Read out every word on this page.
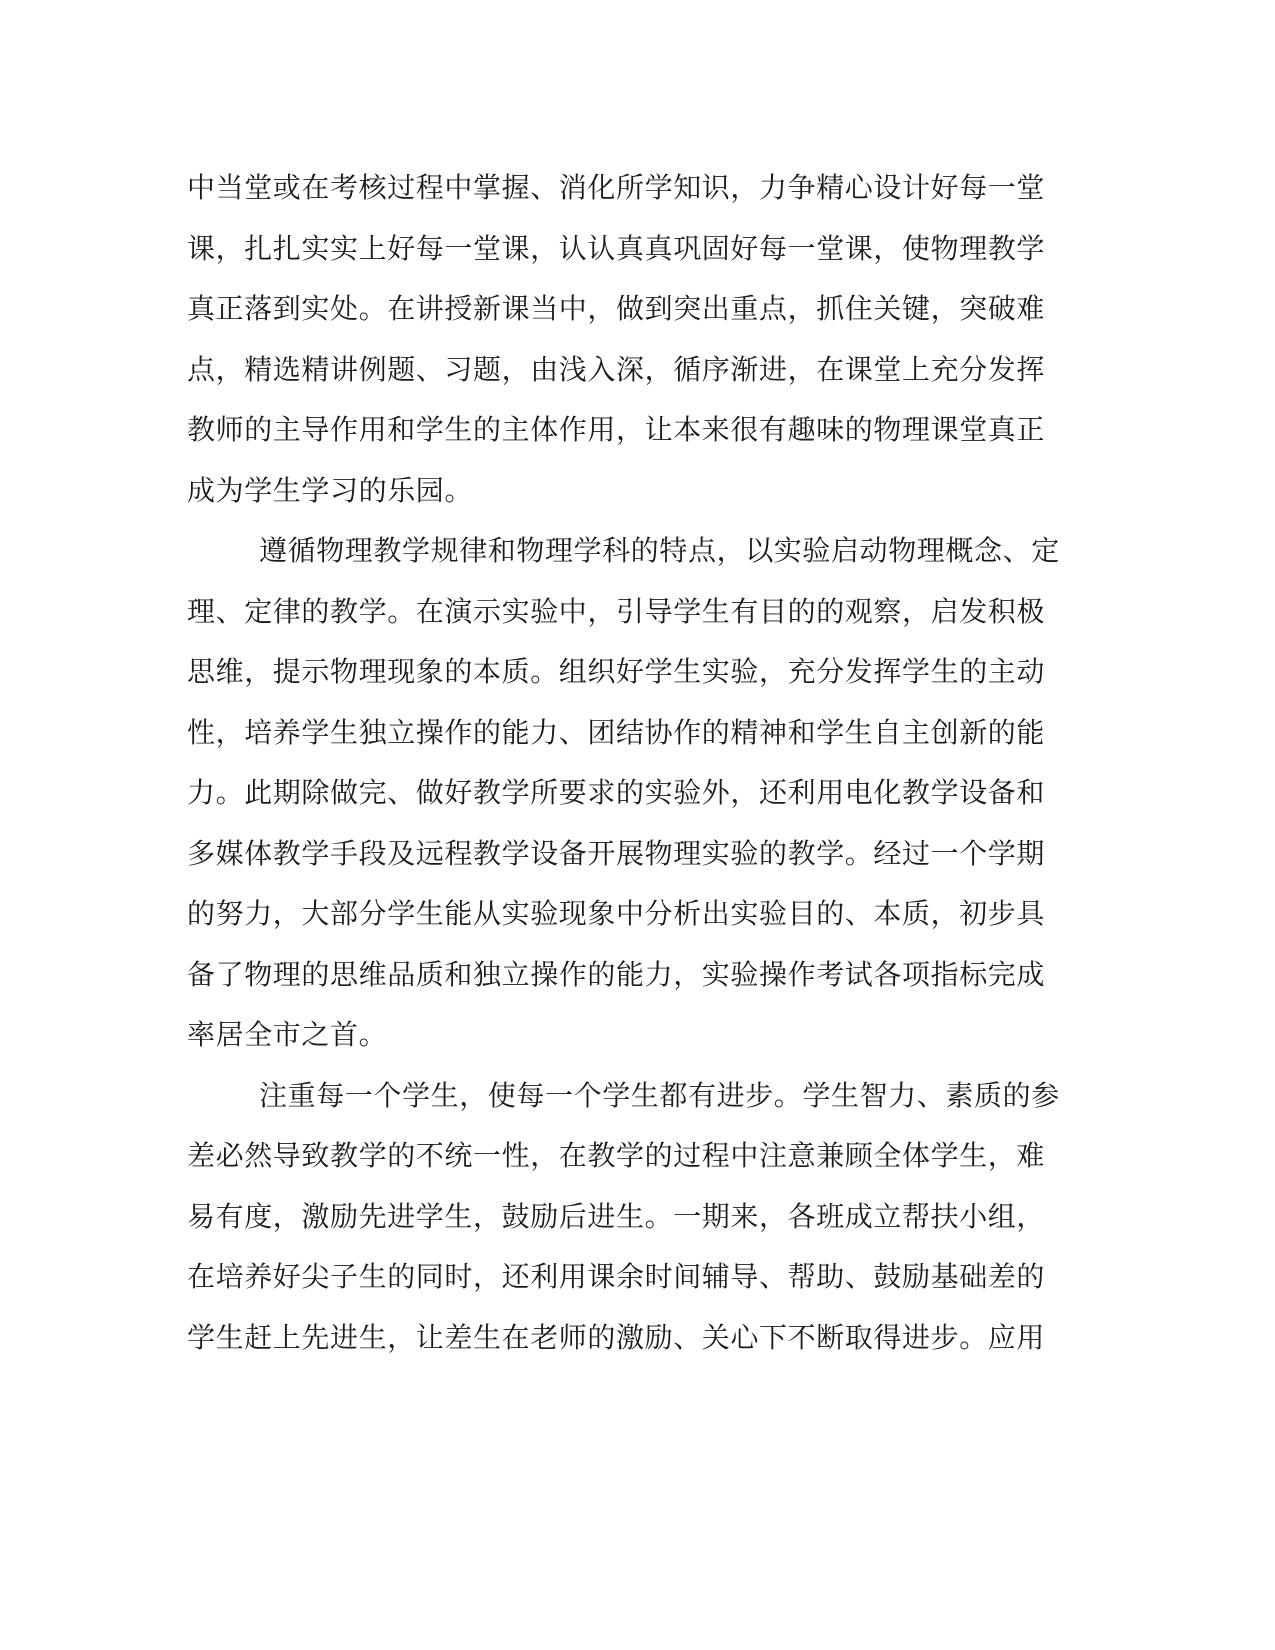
中当堂或在考核过程中掌握、消化所学知识，力争精心设计好每一堂
课，扎扎实实上好每一堂课，认认真真巩固好每一堂课，使物理教学
真正落到实处。在讲授新课当中，做到突出重点，抓住关键，突破难
点，精选精讲例题、习题，由浅入深，循序渐进，在课堂上充分发挥
教师的主导作用和学生的主体作用，让本来很有趣味的物理课堂真正
成为学生学习的乐园。
遵循物理教学规律和物理学科的特点，以实验启动物理概念、定
理、定律的教学。在演示实验中，引导学生有目的的观察，启发积极
思维，提示物理现象的本质。组织好学生实验，充分发挥学生的主动
性，培养学生独立操作的能力、团结协作的精神和学生自主创新的能
力。此期除做完、做好教学所要求的实验外，还利用电化教学设备和
多媒体教学手段及远程教学设备开展物理实验的教学。经过一个学期
的努力，大部分学生能从实验现象中分析出实验目的、本质，初步具
备了物理的思维品质和独立操作的能力，实验操作考试各项指标完成
率居全市之首。
注重每一个学生，使每一个学生都有进步。学生智力、素质的参
差必然导致教学的不统一性，在教学的过程中注意兼顾全体学生，难
易有度，激励先进学生，鼓励后进生。一期来，各班成立帮扶小组，
在培养好尖子生的同时，还利用课余时间辅导、帮助、鼓励基础差的
学生赶上先进生，让差生在老师的激励、关心下不断取得进步。应用
